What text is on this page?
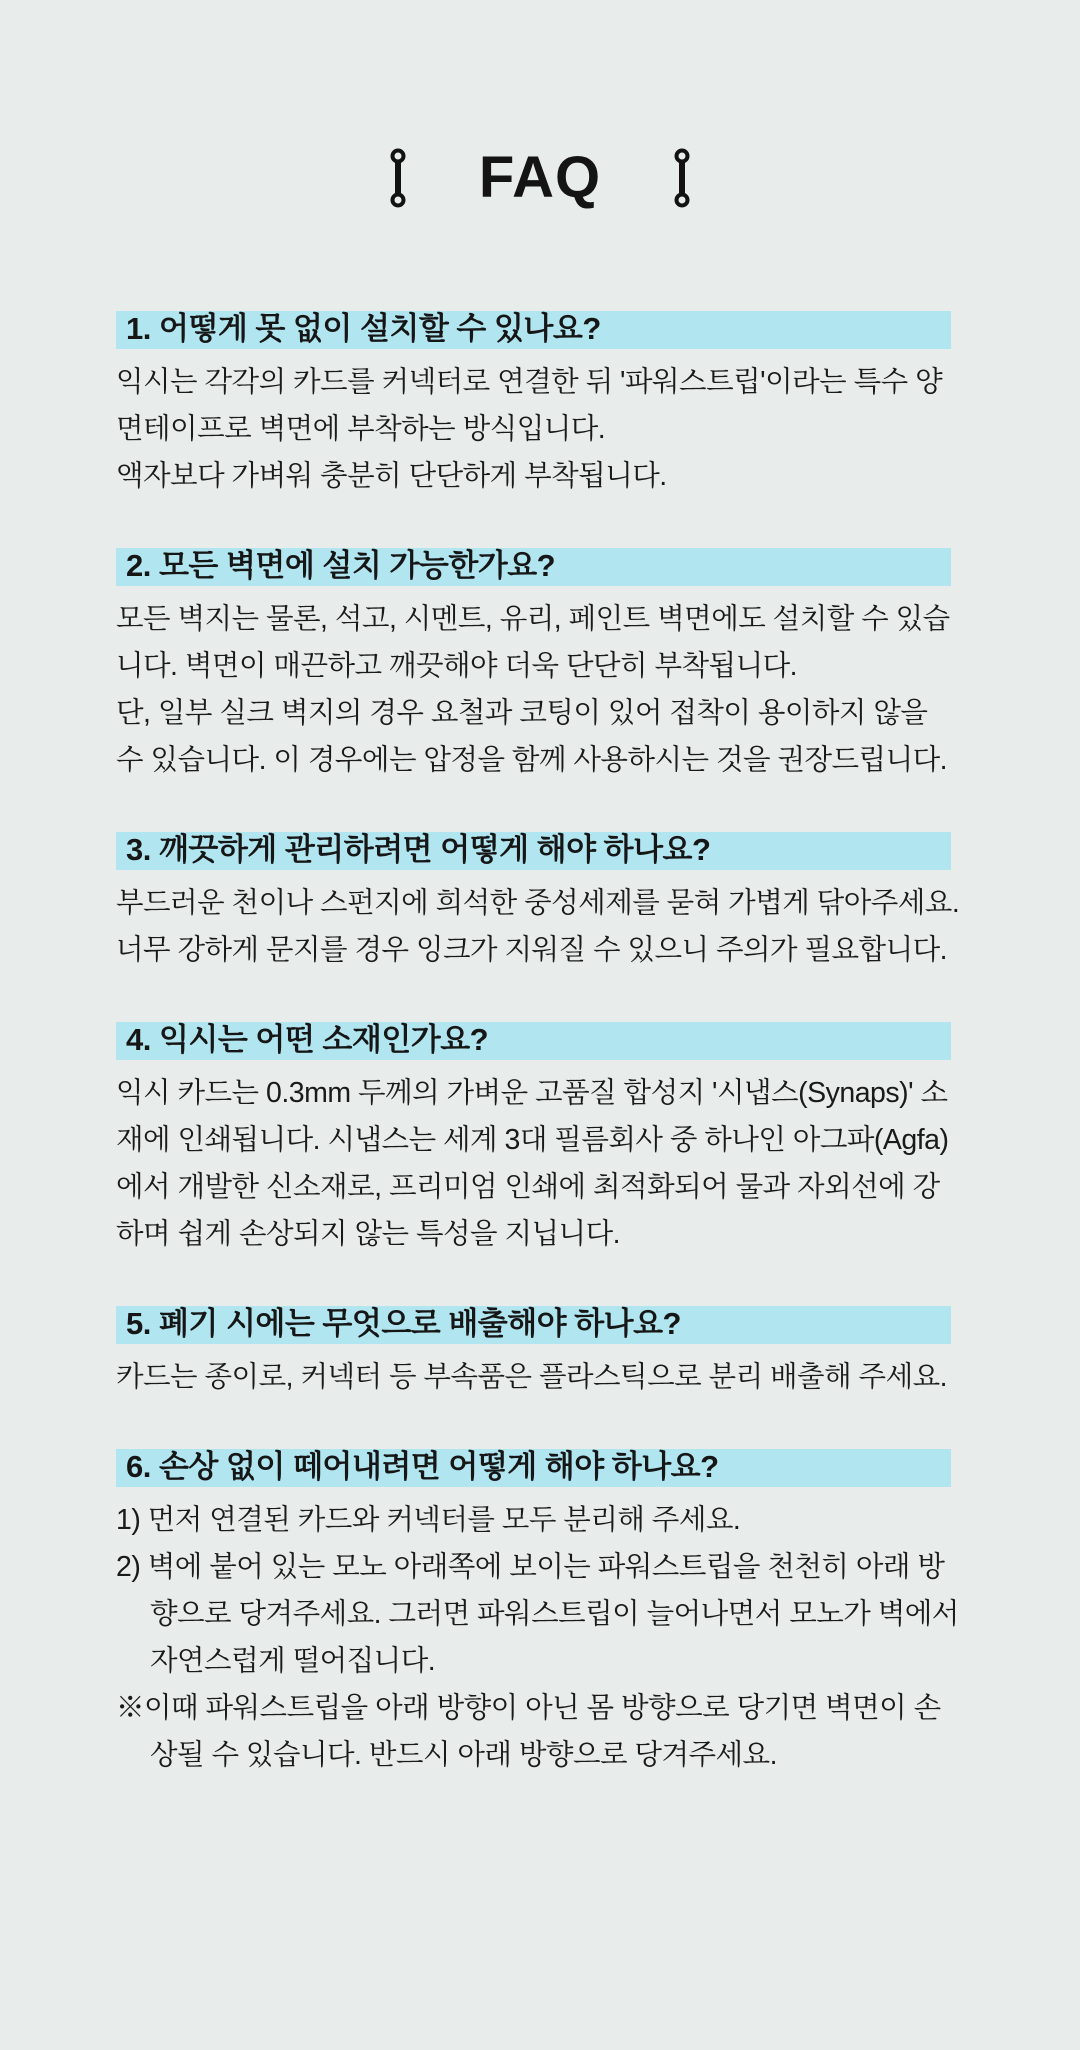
FAQ
1. 어떻게 못 없이 설치할 수 있나요?

익시는 각각의 카드를 커넥터로 연결한 뒤 '파워스트립'이라는 특수 양면테이프로 벽면에 부착하는 방식입니다.

액자보다 가벼워 충분히 단단하게 부착됩니다.

2. 모든 벽면에 설치 가능한가요?

모든 벽지는 물론, 석고, 시멘트, 유리, 페인트 벽면에도 설치할 수 있습니다. 벽면이 매끈하고 깨끗해야 더욱 단단히 부착됩니다.

단, 일부 실크 벽지의 경우 요철과 코팅이 있어 접착이 용이하지 않을 수 있습니다. 이 경우에는 압정을 함께 사용하시는 것을 권장드립니다.

3. 깨끗하게 관리하려면 어떻게 해야 하나요?

부드러운 천이나 스펀지에 희석한 중성세제를 묻혀 가볍게 닦아주세요. 너무 강하게 문지를 경우 잉크가 지워질 수 있으니 주의가 필요합니다.

4. 익시는 어떤 소재인가요?

익시 카드는 0.3mm 두께의 가벼운 고품질 합성지 '시냅스(Synaps)' 소재에 인쇄됩니다. 시냅스는 세계 3대 필름회사 중 하나인 아그파(Agfa)에서 개발한 신소재로, 프리미엄 인쇄에 최적화되어 물과 자외선에 강하며 쉽게 손상되지 않는 특성을 지닙니다.

5. 폐기 시에는 무엇으로 배출해야 하나요?

카드는 종이로, 커넥터 등 부속품은 플라스틱으로 분리 배출해 주세요.

6. 손상 없이 떼어내려면 어떻게 해야 하나요?

1) 먼저 연결된 카드와 커넥터를 모두 분리해 주세요.

2) 벽에 붙어 있는 모노 아래쪽에 보이는 파워스트립을 천천히 아래 방향으로 당겨주세요. 그러면 파워스트립이 늘어나면서 모노가 벽에서 자연스럽게 떨어집니다.

※이때 파워스트립을 아래 방향이 아닌 몸 방향으로 당기면 벽면이 손상될 수 있습니다. 반드시 아래 방향으로 당겨주세요.
